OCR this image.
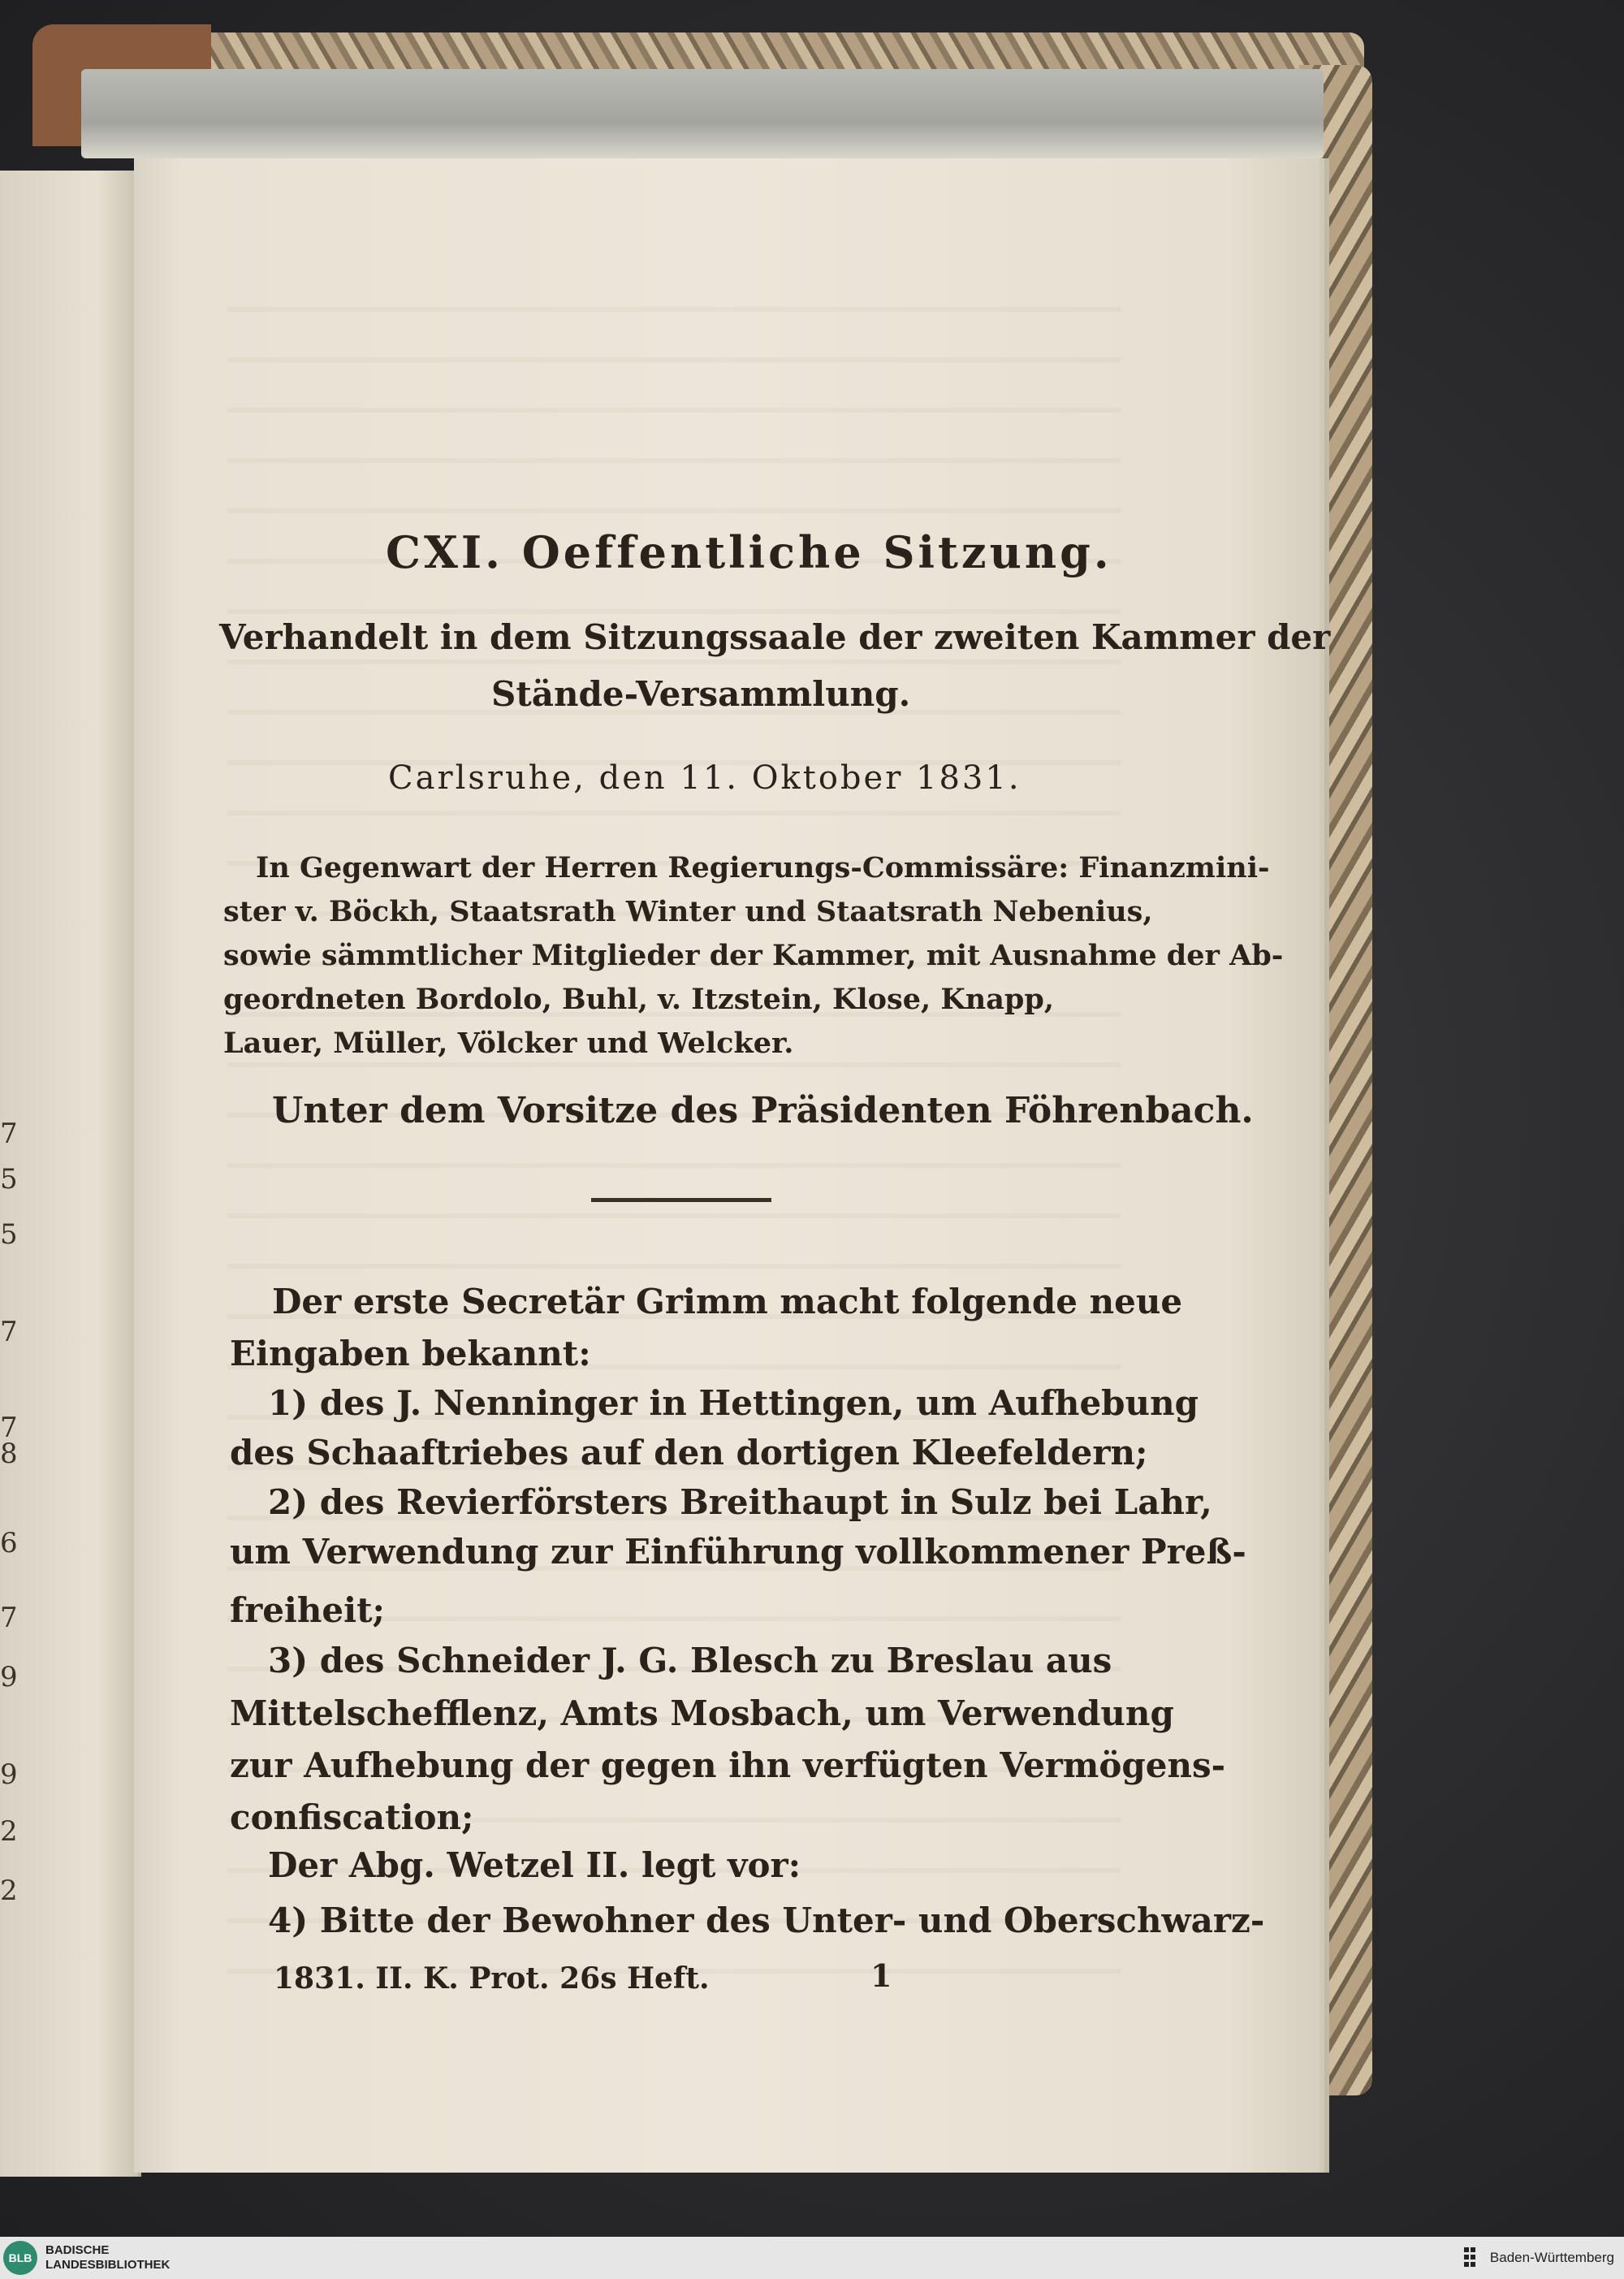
7
5
5
7
7
8
6
7
9
9
2
2
CXI. Oeffentliche Sitzung.
Verhandelt in dem Sitzungssaale der zweiten Kammer der
Stände-Versammlung.
Carlsruhe, den 11. Oktober 1831.
In Gegenwart der Herren Regierungs-Commissäre: Finanzmini-
ster v. Böckh, Staatsrath Winter und Staatsrath Nebenius,
sowie sämmtlicher Mitglieder der Kammer, mit Ausnahme der Ab-
geordneten Bordolo, Buhl, v. Itzstein, Klose, Knapp,
Lauer, Müller, Völcker und Welcker.
Unter dem Vorsitze des Präsidenten Föhrenbach.
Der erste Secretär Grimm macht folgende neue
Eingaben bekannt:
1) des J. Nenninger in Hettingen, um Aufhebung
des Schaaftriebes auf den dortigen Kleefeldern;
2) des Revierförsters Breithaupt in Sulz bei Lahr,
um Verwendung zur Einführung vollkommener Preß-
freiheit;
3) des Schneider J. G. Blesch zu Breslau aus
Mittelschefflenz, Amts Mosbach, um Verwendung
zur Aufhebung der gegen ihn verfügten Vermögens-
confiscation;
Der Abg. Wetzel II. legt vor:
4) Bitte der Bewohner des Unter- und Oberschwarz-
1831. II. K. Prot. 26s Heft.	1
BLB
BADISCHE
LANDESBIBLIOTHEK	Baden-Württemberg
